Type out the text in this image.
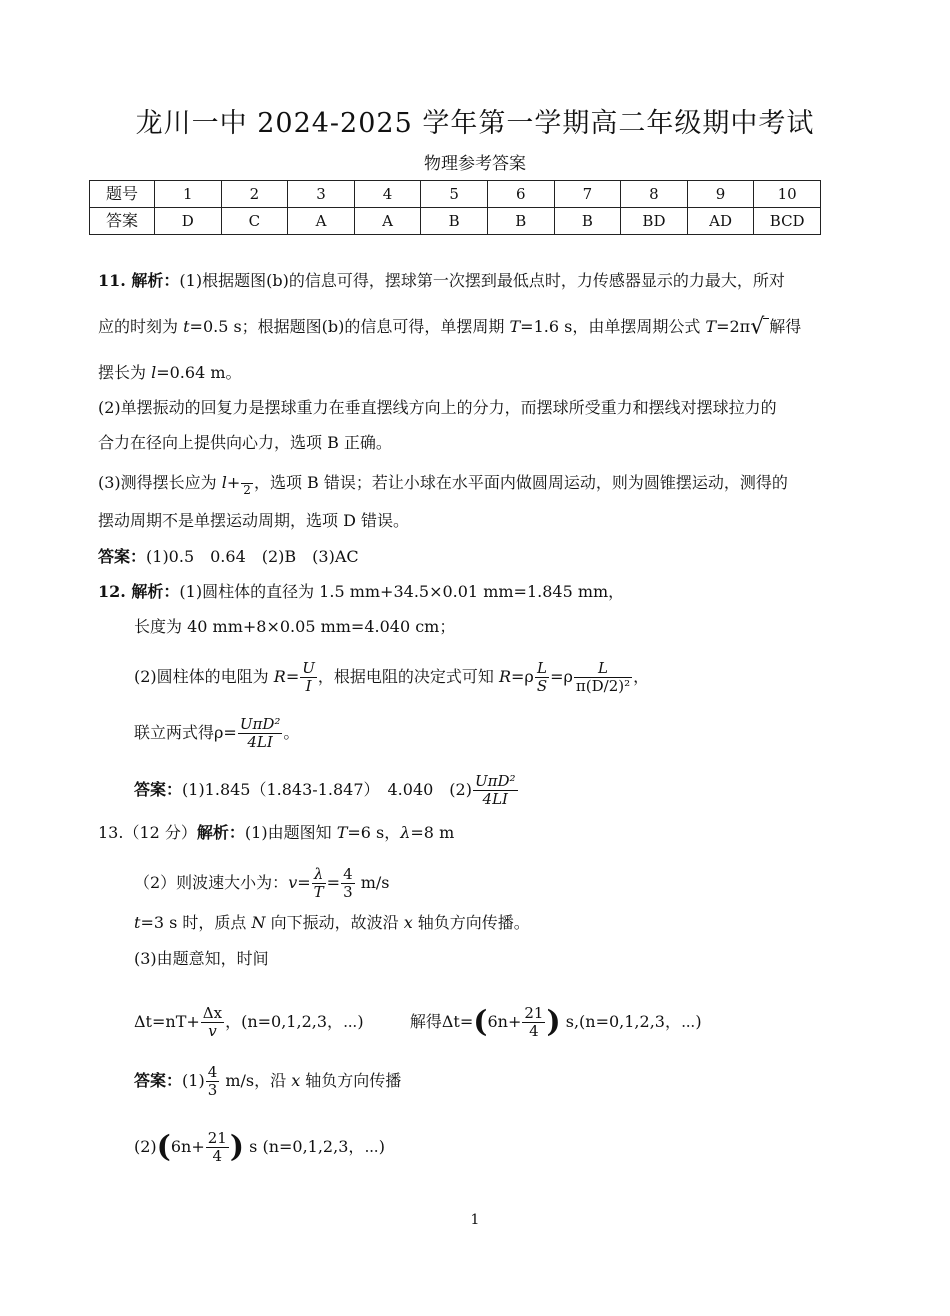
龙川一中 2024-2025 学年第一学期高二年级期中考试
物理参考答案
题号	1	2	3	4	5	6	7	8	9	10
答案	D	C	A	A	B	B	B	BD	AD	BCD
11. 解析：(1)根据题图(b)的信息可得，摆球第一次摆到最低点时，力传感器显示的力最大，所对
应的时刻为 t=0.5 s；根据题图(b)的信息可得，单摆周期 T=1.6 s，由单摆周期公式 T=2π√ 解得
摆长为 l=0.64 m。
(2)单摆振动的回复力是摆球重力在垂直摆线方向上的分力，而摆球所受重力和摆线对摆球拉力的
合力在径向上提供向心力，选项 B 正确。
(3)测得摆长应为 l+
2 ，选项 B 错误；若让小球在水平面内做圆周运动，则为圆锥摆运动，测得的
摆动周期不是单摆运动周期，选项 D 错误。
答案：(1)0.5　0.64　(2)B　(3)AC
12. 解析：(1)圆柱体的直径为 1.5 mm+34.5×0.01 mm=1.845 mm，
长度为 40 mm+8×0.05 mm=4.040 cm；
(2)圆柱体的电阻为 $R= \frac{U}{I}$ ，根据电阻的决定式可知 $R=\rho \frac{L}{S} =\rho \frac{L}{\text{π(D/2)²}}$ ，
联立两式得$\rho= \frac{\text{UπD²}}{4LI}$ 。
答案：(1)1.845（1.843-1.847）　4.040　$(2) \frac{\text{UπD²}}{4LI}$
13.（12 分）解析：(1)由题图知 T=6 s，λ=8 m
（2）则波速大小为：$v= \frac{\lambda}{T} = \frac{4}{3} m/s$
t=3 s 时，质点 N 向下振动，故波沿 x 轴负方向传播。
(3)由题意知，时间
$\Delta t=nT+ \frac{\Delta x}{v}$ ，(n=0,1,2,3，⋯)	解得$\Delta t=(6n+ \frac{21}{4}$ ) s,(n=0,1,2,3，⋯)
答案：$(1) \frac{4}{3} m/s$，沿 x 轴负方向传播
$(2)(6n+ \frac{21}{4}$ ) s (n=0,1,2,3，⋯)
1
